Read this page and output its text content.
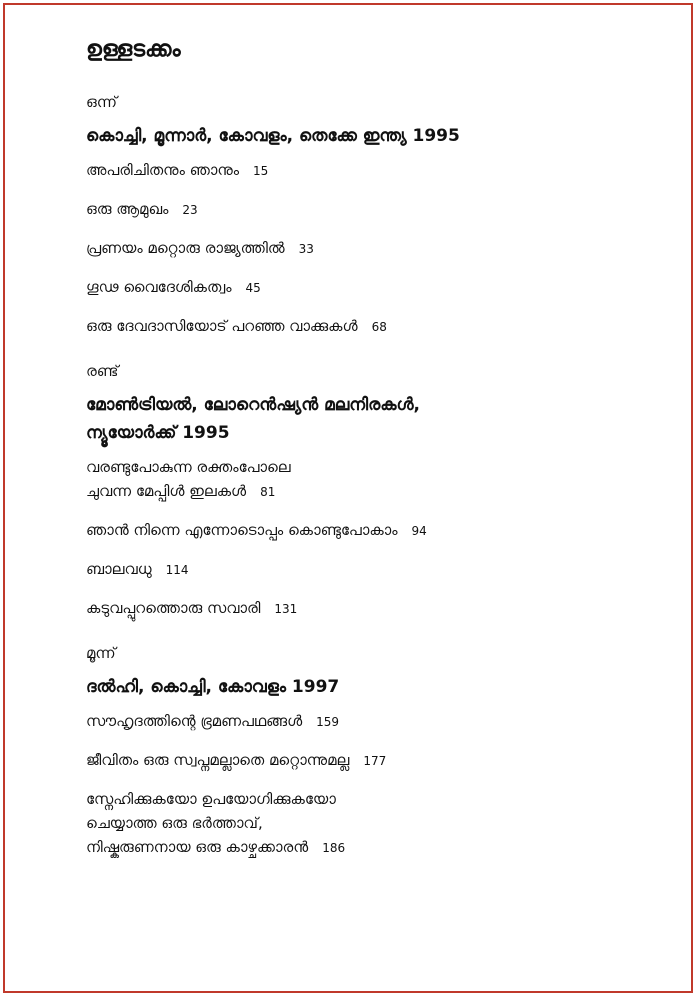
ഉള്ളടക്കം
ഒന്ന്
കൊച്ചി, മൂന്നാർ, കോവളം, തെക്കേ ഇന്ത്യ 1995
അപരിചിതനും ഞാനും 15
ഒരു ആമുഖം 23
പ്രണയം മറ്റൊരു രാജ്യത്തിൽ 33
ഗൂഢ വൈദേശികത്വം 45
ഒരു ദേവദാസിയോട് പറഞ്ഞ വാക്കുകൾ 68
രണ്ട്
മോൺട്രിയൽ, ലോറെൻഷ്യൻ മലനിരകൾ,
ന്യൂയോർക്ക് 1995
വരണ്ടുപോകുന്ന രക്തംപോലെ
ചുവന്ന മേപ്പിൾ ഇലകൾ 81
ഞാൻ നിന്നെ എന്നോടൊപ്പം കൊണ്ടുപോകാം 94
ബാലവധു 114
കടുവപ്പുറത്തൊരു സവാരി 131
മൂന്ന്
ദൽഹി, കൊച്ചി, കോവളം 1997
സൗഹൃദത്തിന്റെ ഭ്രമണപഥങ്ങൾ 159
ജീവിതം ഒരു സ്വപ്നമല്ലാതെ മറ്റൊന്നുമല്ല 177
സ്നേഹിക്കുകയോ ഉപയോഗിക്കുകയോ
ചെയ്യാത്ത ഒരു ഭർത്താവ്,
നിഷ്കരുണനായ ഒരു കാഴ്ചക്കാരൻ 186
